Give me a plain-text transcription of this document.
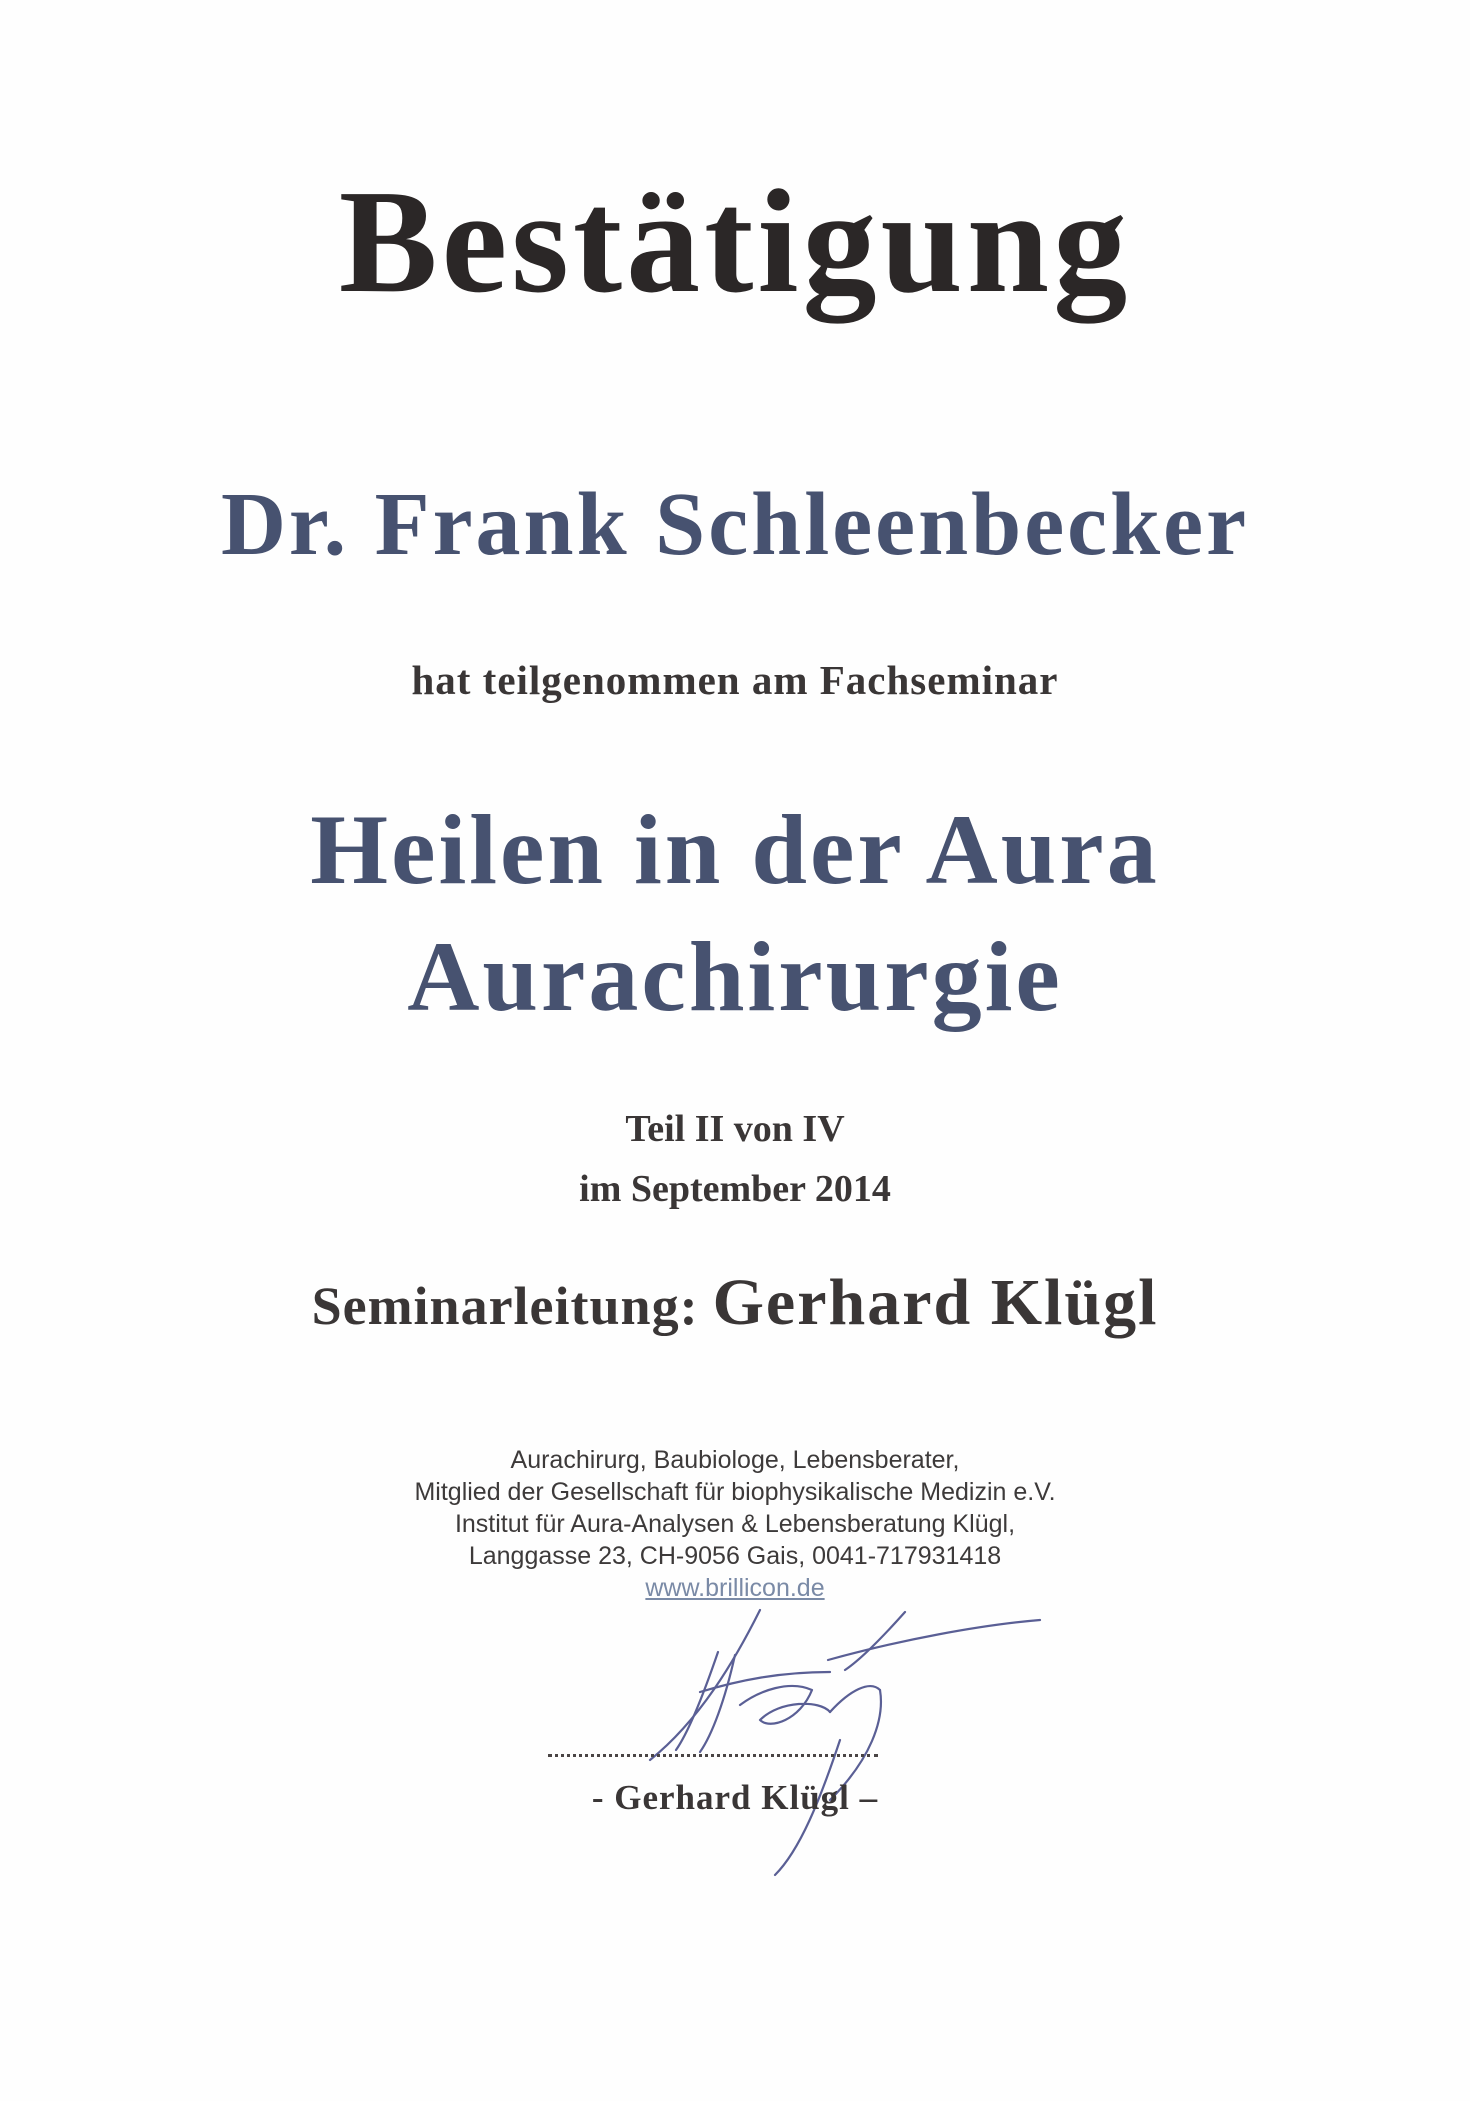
Bestätigung
Dr. Frank Schleenbecker
hat teilgenommen am Fachseminar
Heilen in der Aura
Aurachirurgie
Teil II von IV
im September 2014
Seminarleitung: Gerhard Klügl
Aurachirurg, Baubiologe, Lebensberater,
Mitglied der Gesellschaft für biophysikalische Medizin e.V.
Institut für Aura-Analysen & Lebensberatung Klügl,
Langgasse 23, CH-9056 Gais, 0041-717931418
www.brillicon.de
- Gerhard Klügl –
